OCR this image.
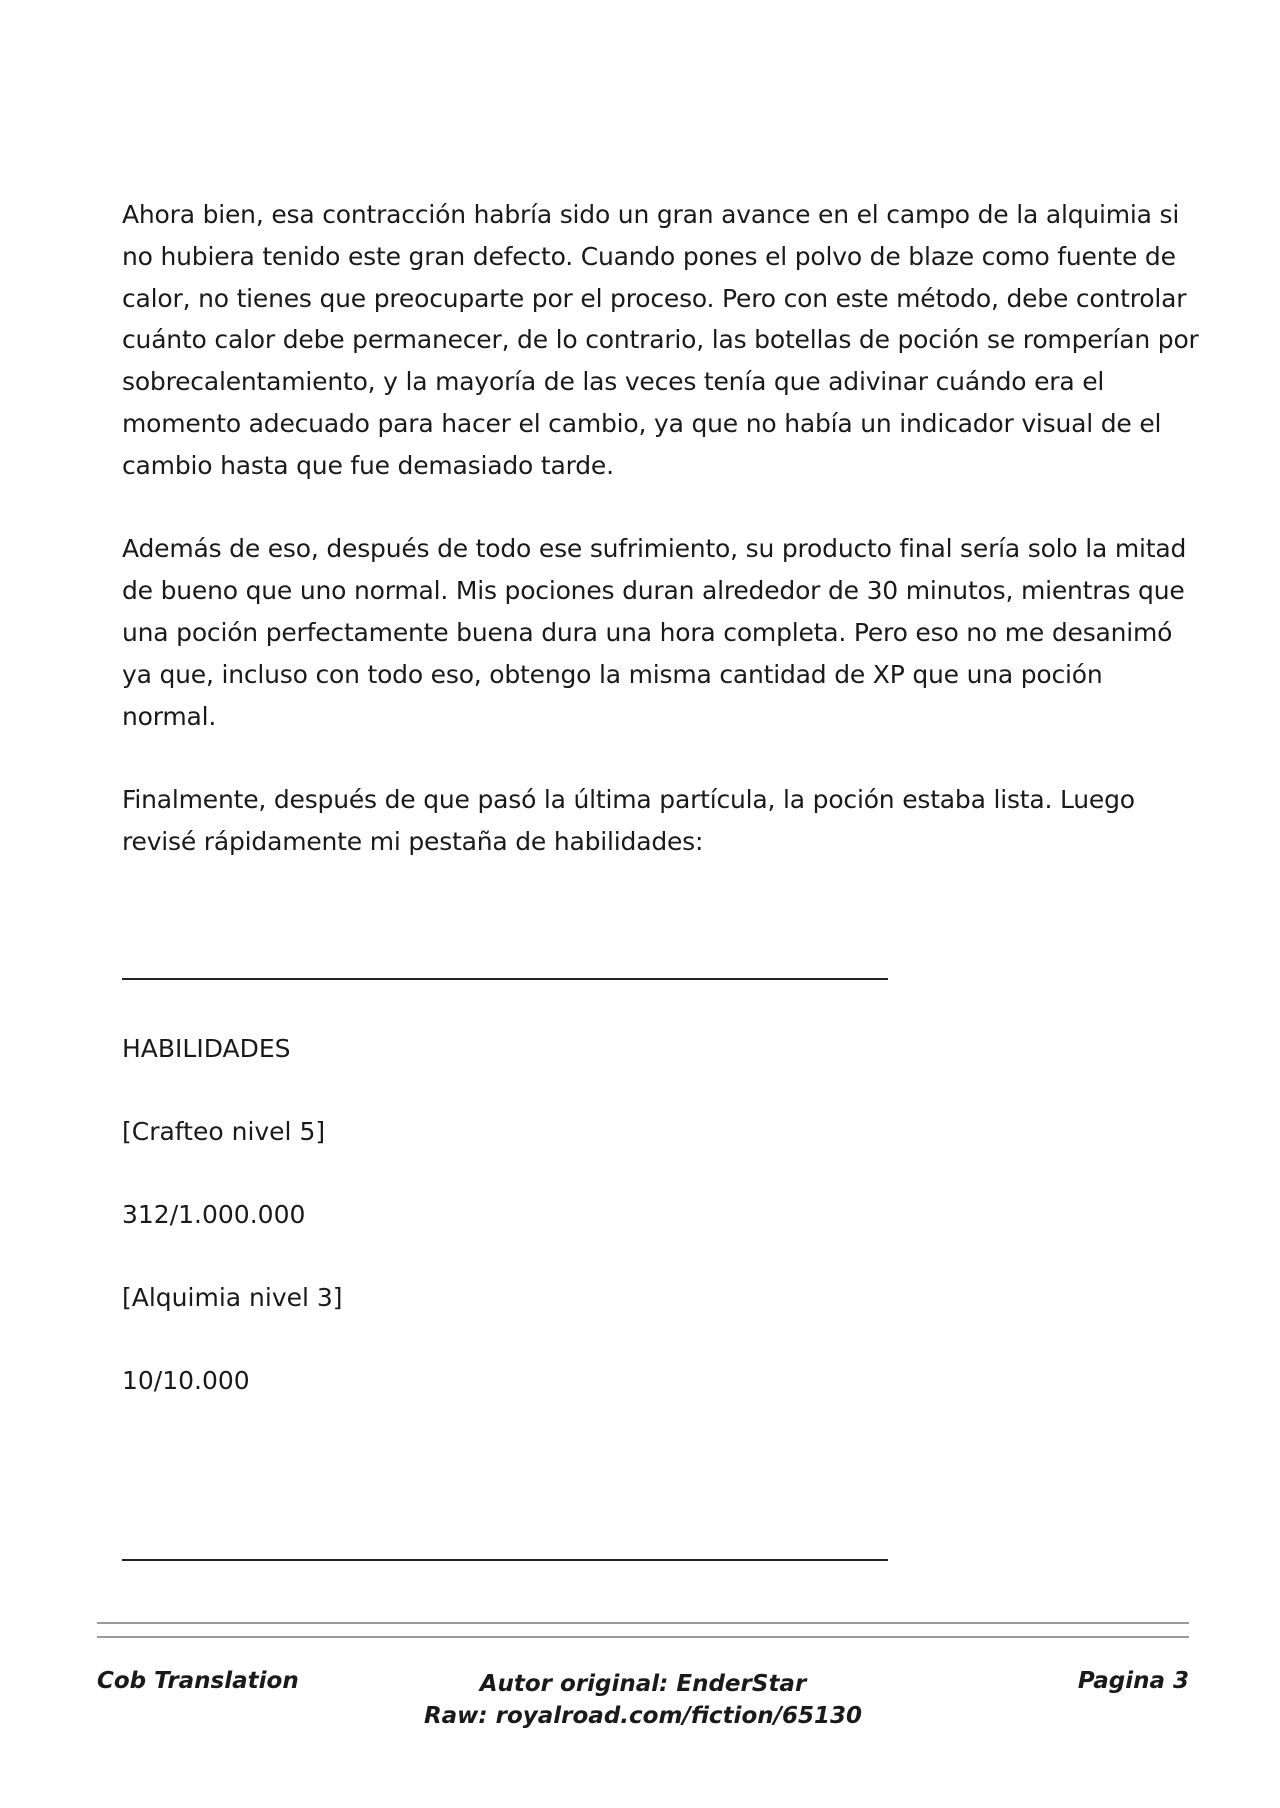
Ahora bien, esa contracción habría sido un gran avance en el campo de la alquimia si no hubiera tenido este gran defecto. Cuando pones el polvo de blaze como fuente de calor, no tienes que preocuparte por el proceso. Pero con este método, debe controlar cuánto calor debe permanecer, de lo contrario, las botellas de poción se romperían por sobrecalentamiento, y la mayoría de las veces tenía que adivinar cuándo era el momento adecuado para hacer el cambio, ya que no había un indicador visual de el cambio hasta que fue demasiado tarde.

Además de eso, después de todo ese sufrimiento, su producto final sería solo la mitad de bueno que uno normal. Mis pociones duran alrededor de 30 minutos, mientras que una poción perfectamente buena dura una hora completa. Pero eso no me desanimó ya que, incluso con todo eso, obtengo la misma cantidad de XP que una poción normal.

Finalmente, después de que pasó la última partícula, la poción estaba lista. Luego revisé rápidamente mi pestaña de habilidades:

HABILIDADES
[Crafteo nivel 5]
312/1.000.000
[Alquimia nivel 3]
10/10.000
Cob Translation	Autor original: EnderStar
Raw: royalroad.com/fiction/65130
Pagina 3
